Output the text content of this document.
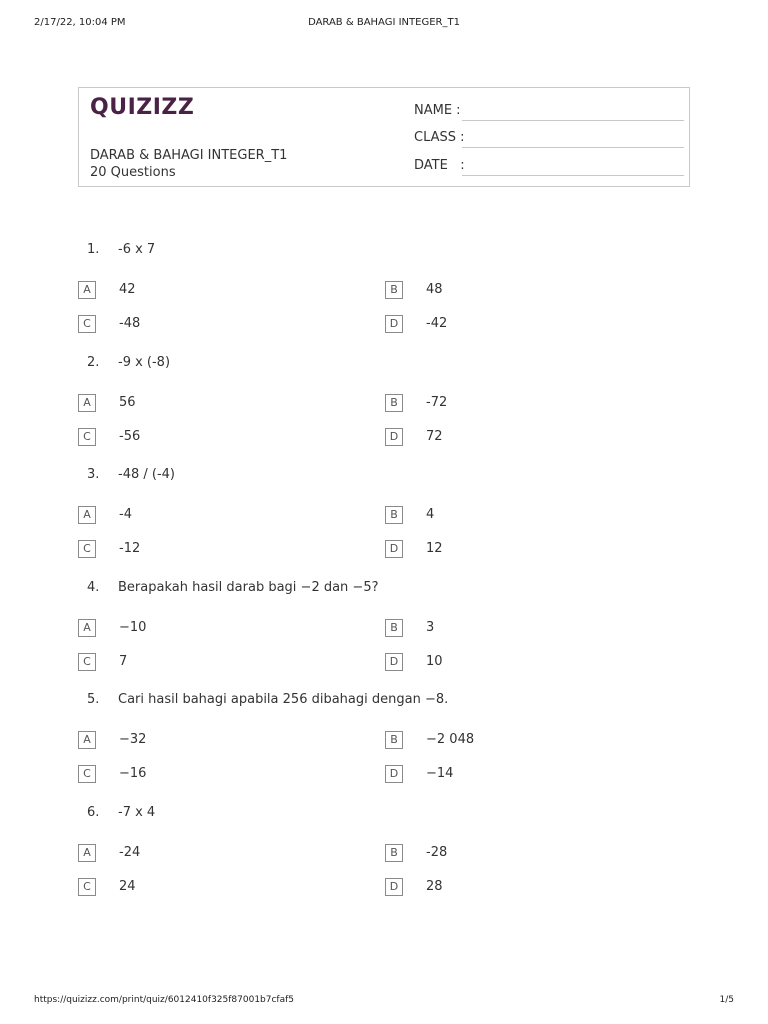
2/17/22, 10:04 PM	DARAB & BAHAGI INTEGER_T1
QUIZIZZ
DARAB & BAHAGI INTEGER_T1
20 Questions
NAME :
CLASS :
DATE   :
1. -6 x 7
A	42	B	48
C	-48	D	-42
2. -9 x (-8)
A	56	B	-72
C	-56	D	72
3. -48 / (-4)
A	-4	B	4
C	-12	D	12
4. Berapakah hasil darab bagi −2 dan −5?
A	−10	B	3
C	7	D	10
5. Cari hasil bahagi apabila 256 dibahagi dengan −8.
A	−32	B	−2 048
C	−16	D	−14
6. -7 x 4
A	-24	B	-28
C	24	D	28
https://quizizz.com/print/quiz/6012410f325f87001b7cfaf5	1/5
